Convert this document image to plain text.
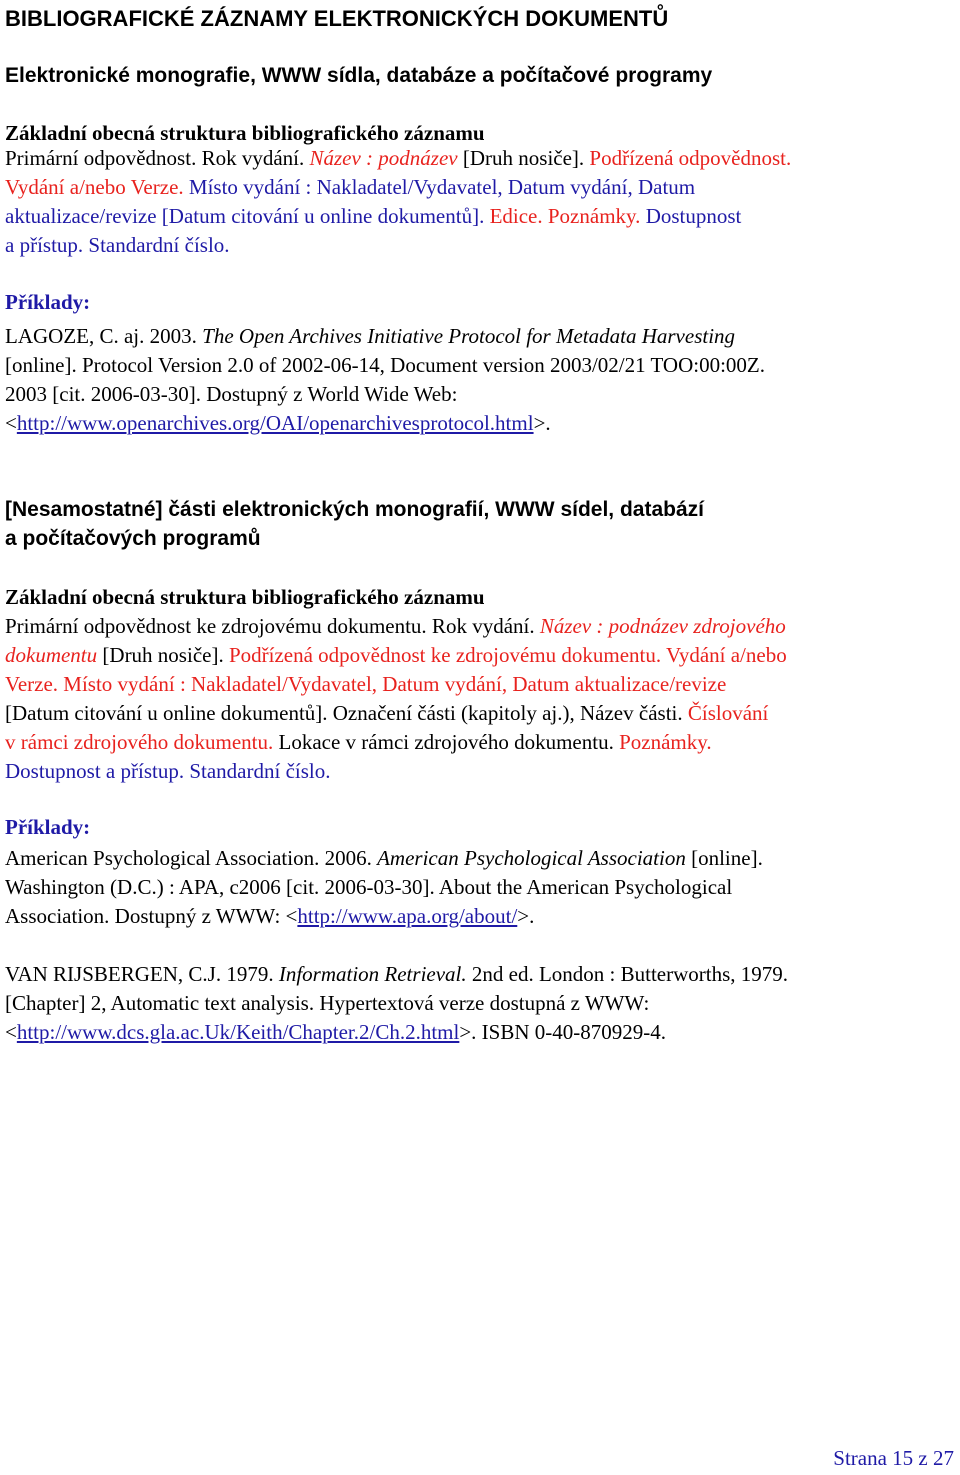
BIBLIOGRAFICKÉ ZÁZNAMY ELEKTRONICKÝCH DOKUMENTŮ
Elektronické monografie, WWW sídla, databáze a počítačové programy
Základní obecná struktura bibliografického záznamu
Primární odpovědnost. Rok vydání. Název : podnázev [Druh nosiče]. Podřízená odpovědnost.
Vydání a/nebo Verze. Místo vydání : Nakladatel/Vydavatel, Datum vydání, Datum
aktualizace/revize [Datum citování u online dokumentů]. Edice. Poznámky. Dostupnost
a přístup. Standardní číslo.
Příklady:
LAGOZE, C. aj. 2003. The Open Archives Initiative Protocol for Metadata Harvesting
[online]. Protocol Version 2.0 of 2002-06-14, Document version 2003/02/21 TOO:00:00Z.
2003 [cit. 2006-03-30]. Dostupný z World Wide Web:
<http://www.openarchives.org/OAI/openarchivesprotocol.html>.
[Nesamostatné] části elektronických monografií, WWW sídel, databází
a počítačových programů
Základní obecná struktura bibliografického záznamu
Primární odpovědnost ke zdrojovému dokumentu. Rok vydání. Název : podnázev zdrojového
dokumentu [Druh nosiče]. Podřízená odpovědnost ke zdrojovému dokumentu. Vydání a/nebo
Verze. Místo vydání : Nakladatel/Vydavatel, Datum vydání, Datum aktualizace/revize
[Datum citování u online dokumentů]. Označení části (kapitoly aj.), Název části. Číslování
v rámci zdrojového dokumentu. Lokace v rámci zdrojového dokumentu. Poznámky.
Dostupnost a přístup. Standardní číslo.
Příklady:
American Psychological Association. 2006. American Psychological Association [online].
Washington (D.C.) : APA, c2006 [cit. 2006-03-30]. About the American Psychological
Association. Dostupný z WWW: <http://www.apa.org/about/>.
VAN RIJSBERGEN, C.J. 1979. Information Retrieval. 2nd ed. London : Butterworths, 1979.
[Chapter] 2, Automatic text analysis. Hypertextová verze dostupná z WWW:
<http://www.dcs.gla.ac.Uk/Keith/Chapter.2/Ch.2.html>. ISBN 0-40-870929-4.
Strana 15 z 27
